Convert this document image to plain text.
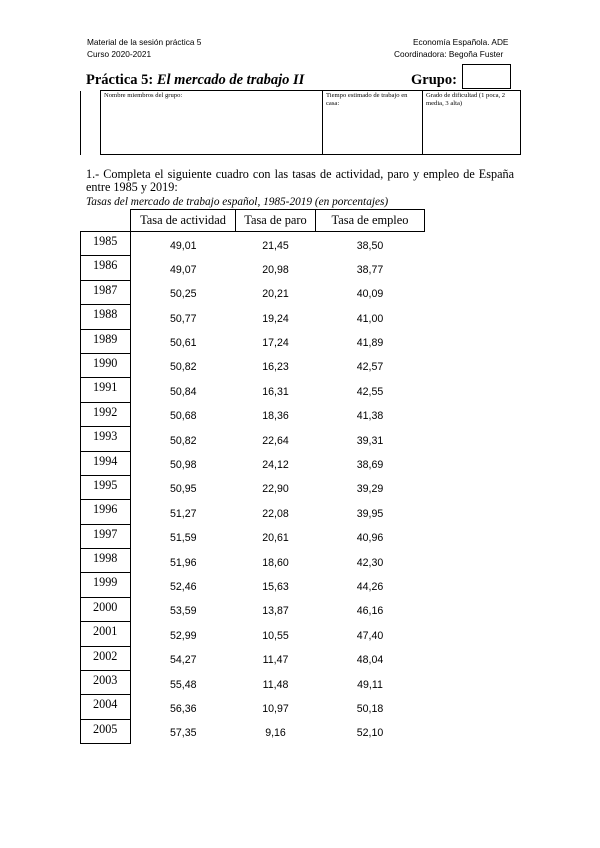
Material de la sesión práctica 5
Curso 2020-2021
Economía Española. ADE
Coordinadora: Begoña Fuster
Práctica 5: El mercado de trabajo II	Grupo:
	Nombre miembros del grupo:	Tiempo estimado de trabajo en casa:	Grado de dificultad (1 poca, 2 media, 3 alta)
1.- Completa el siguiente cuadro con las tasas de actividad, paro y empleo de España entre 1985 y 2019:
Tasas del mercado de trabajo español, 1985-2019 (en porcentajes)
	Tasa de actividad	Tasa de paro	Tasa de empleo
1985	49,01	21,45	38,50
1986	49,07	20,98	38,77
1987	50,25	20,21	40,09
1988	50,77	19,24	41,00
1989	50,61	17,24	41,89
1990	50,82	16,23	42,57
1991	50,84	16,31	42,55
1992	50,68	18,36	41,38
1993	50,82	22,64	39,31
1994	50,98	24,12	38,69
1995	50,95	22,90	39,29
1996	51,27	22,08	39,95
1997	51,59	20,61	40,96
1998	51,96	18,60	42,30
1999	52,46	15,63	44,26
2000	53,59	13,87	46,16
2001	52,99	10,55	47,40
2002	54,27	11,47	48,04
2003	55,48	11,48	49,11
2004	56,36	10,97	50,18
2005	57,35	9,16	52,10
